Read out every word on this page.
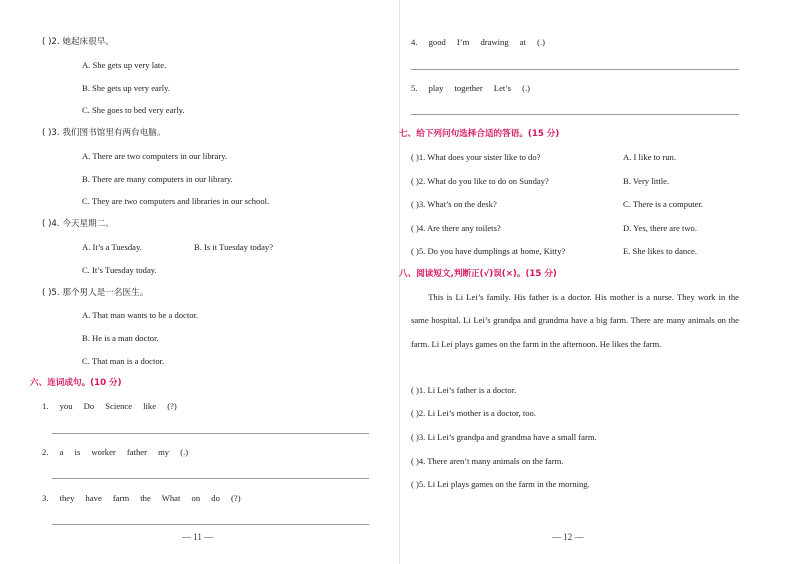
( )2. 她起床很早。
A. She gets up very late.
B. She gets up very early.
C. She goes to bed very early.
( )3. 我们图书馆里有两台电脑。
A. There are two computers in our library.
B. There are many computers in our library.
C. They are two computers and libraries in our school.
( )4. 今天星期二。
A. It’s a Tuesday.	B. Is it Tuesday today?
C. It’s Tuesday today.
( )5. 那个男人是一名医生。
A. That man wants to be a doctor.
B. He is a man doctor.
C. That man is a doctor.
六、连词成句。(10 分)
1. you Do Science like (?)
2. a is worker father my (.)
3. they have farm the What on do (?)
— 11 —
4. good I’m drawing at (.)
5. play together Let’s (.)
七、给下列问句选择合适的答语。(15 分)
( )1. What does your sister like to do?	A. I like to run.
( )2. What do you like to do on Sunday?	B. Very little.
( )3. What’s on the desk?	C. There is a computer.
( )4. Are there any toilets?	D. Yes, there are two.
( )5. Do you have dumplings at home, Kitty?	E. She likes to dance.
八、阅读短文,判断正(√)误(×)。(15 分)
This is Li Lei’s family. His father is a doctor. His mother is a nurse. They work in the same hospital. Li Lei’s grandpa and grandma have a big farm. There are many animals on the farm. Li Lei plays games on the farm in the afternoon. He likes the farm.
( )1. Li Lei’s father is a doctor.
( )2. Li Lei’s mother is a doctor, too.
( )3. Li Lei’s grandpa and grandma have a small farm.
( )4. There aren’t many animals on the farm.
( )5. Li Lei plays games on the farm in the morning.
— 12 —
